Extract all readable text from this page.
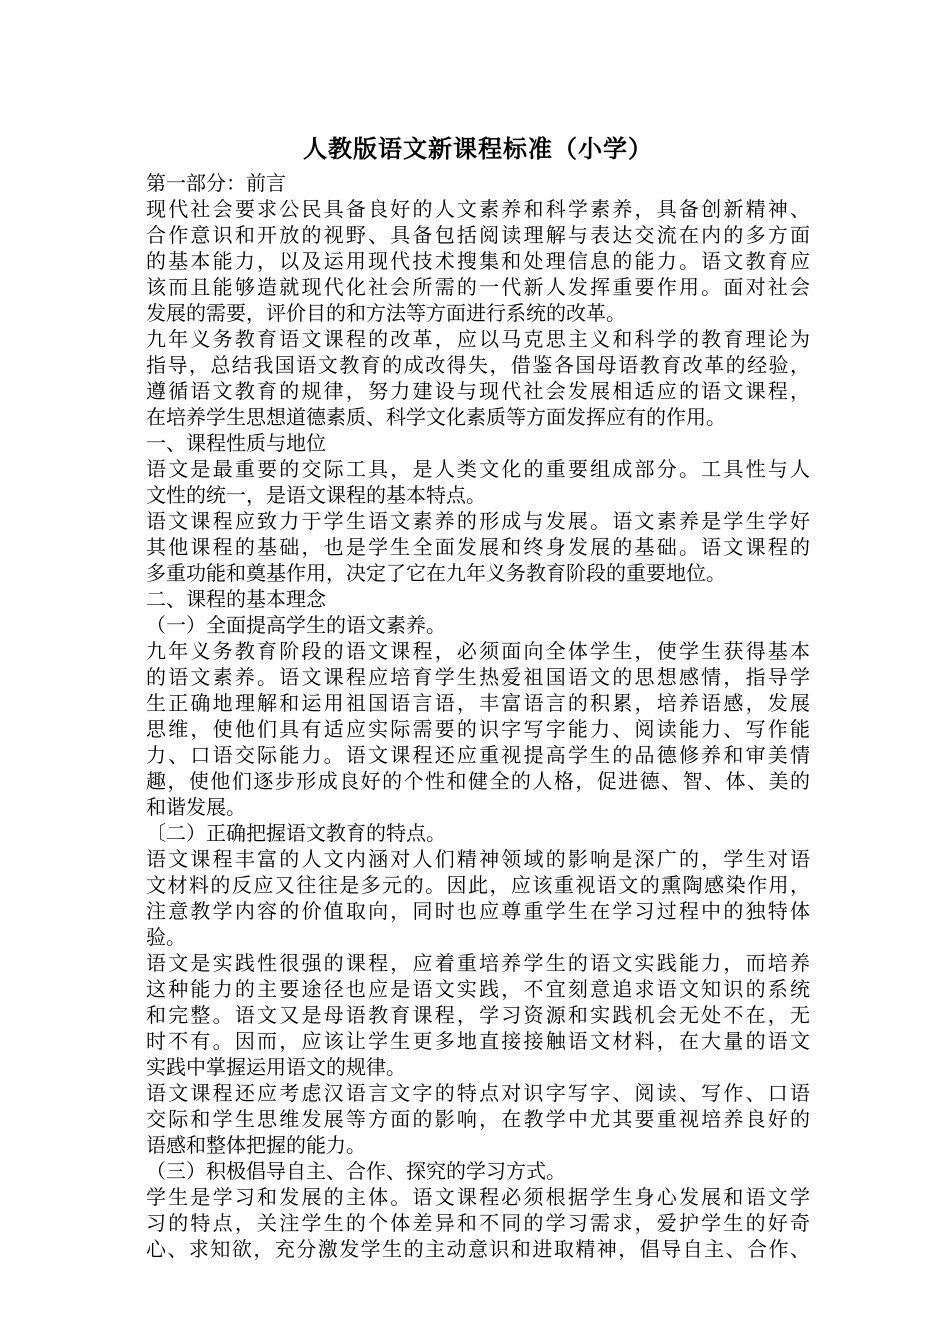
人教版语文新课程标准（小学）

第一部分：前言

现代社会要求公民具备良好的人文素养和科学素养，具备创新精神、

合作意识和开放的视野、具备包括阅读理解与表达交流在内的多方面

的基本能力，以及运用现代技术搜集和处理信息的能力。语文教育应

该而且能够造就现代化社会所需的一代新人发挥重要作用。面对社会

发展的需要，评价目的和方法等方面进行系统的改革。

九年义务教育语文课程的改革，应以马克思主义和科学的教育理论为

指导，总结我国语文教育的成改得失，借鉴各国母语教育改革的经验，

遵循语文教育的规律，努力建设与现代社会发展相适应的语文课程，

在培养学生思想道德素质、科学文化素质等方面发挥应有的作用。

一、课程性质与地位

语文是最重要的交际工具，是人类文化的重要组成部分。工具性与人

文性的统一，是语文课程的基本特点。

语文课程应致力于学生语文素养的形成与发展。语文素养是学生学好

其他课程的基础，也是学生全面发展和终身发展的基础。语文课程的

多重功能和奠基作用，决定了它在九年义务教育阶段的重要地位。

二、课程的基本理念

（一）全面提高学生的语文素养。

九年义务教育阶段的语文课程，必须面向全体学生，使学生获得基本

的语文素养。语文课程应培育学生热爱祖国语文的思想感情，指导学

生正确地理解和运用祖国语言语，丰富语言的积累，培养语感，发展

思维，使他们具有适应实际需要的识字写字能力、阅读能力、写作能

力、口语交际能力。语文课程还应重视提高学生的品德修养和审美情

趣，使他们逐步形成良好的个性和健全的人格，促进德、智、体、美的

和谐发展。

〔二）正确把握语文教育的特点。

语文课程丰富的人文内涵对人们精神领域的影响是深广的，学生对语

文材料的反应又往往是多元的。因此，应该重视语文的熏陶感染作用，

注意教学内容的价值取向，同时也应尊重学生在学习过程中的独特体

验。

语文是实践性很强的课程，应着重培养学生的语文实践能力，而培养

这种能力的主要途径也应是语文实践，不宜刻意追求语文知识的系统

和完整。语文又是母语教育课程，学习资源和实践机会无处不在，无

时不有。因而，应该让学生更多地直接接触语文材料，在大量的语文

实践中掌握运用语文的规律。

语文课程还应考虑汉语言文字的特点对识字写字、阅读、写作、口语

交际和学生思维发展等方面的影响，在教学中尤其要重视培养良好的

语感和整体把握的能力。

（三）积极倡导自主、合作、探究的学习方式。

学生是学习和发展的主体。语文课程必须根据学生身心发展和语文学

习的特点，关注学生的个体差异和不同的学习需求，爱护学生的好奇

心、求知欲，充分激发学生的主动意识和进取精神，倡导自主、合作、
